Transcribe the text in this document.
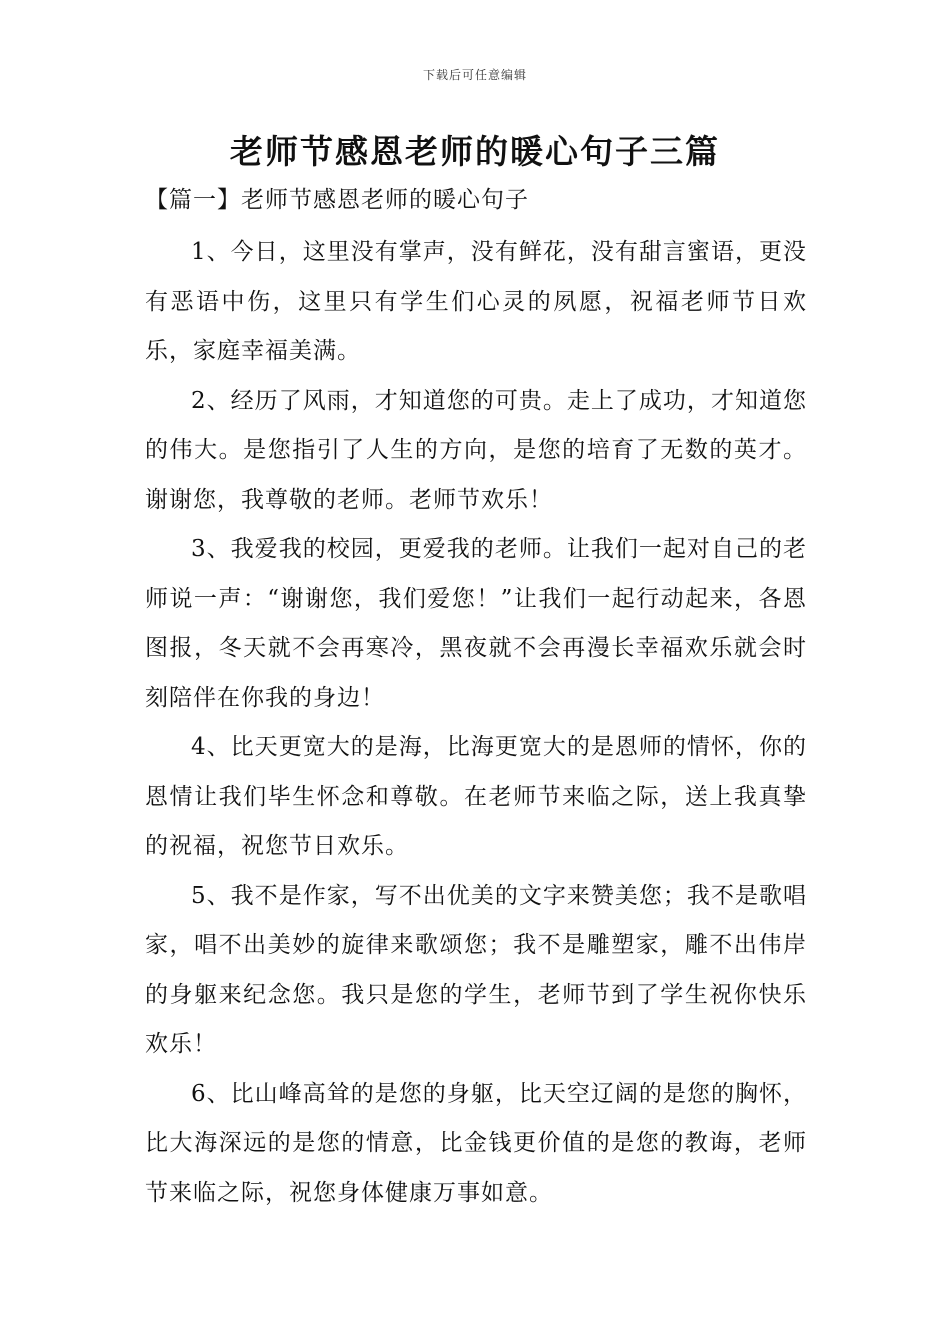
下载后可任意编辑
老师节感恩老师的暖心句子三篇
【篇一】老师节感恩老师的暖心句子

1、今日，这里没有掌声，没有鲜花，没有甜言蜜语，更没有恶语中伤，这里只有学生们心灵的夙愿，祝福老师节日欢乐，家庭幸福美满。

2、经历了风雨，才知道您的可贵。走上了成功，才知道您的伟大。是您指引了人生的方向，是您的培育了无数的英才。谢谢您，我尊敬的老师。老师节欢乐！

3、我爱我的校园，更爱我的老师。让我们一起对自己的老师说一声：“谢谢您，我们爱您！”让我们一起行动起来，各恩图报，冬天就不会再寒冷，黑夜就不会再漫长幸福欢乐就会时刻陪伴在你我的身边！

4、比天更宽大的是海，比海更宽大的是恩师的情怀，你的恩情让我们毕生怀念和尊敬。在老师节来临之际，送上我真挚的祝福，祝您节日欢乐。

5、我不是作家，写不出优美的文字来赞美您；我不是歌唱家，唱不出美妙的旋律来歌颂您；我不是雕塑家，雕不出伟岸的身躯来纪念您。我只是您的学生，老师节到了学生祝你快乐欢乐！

6、比山峰高耸的是您的身躯，比天空辽阔的是您的胸怀，比大海深远的是您的情意，比金钱更价值的是您的教诲，老师节来临之际，祝您身体健康万事如意。
